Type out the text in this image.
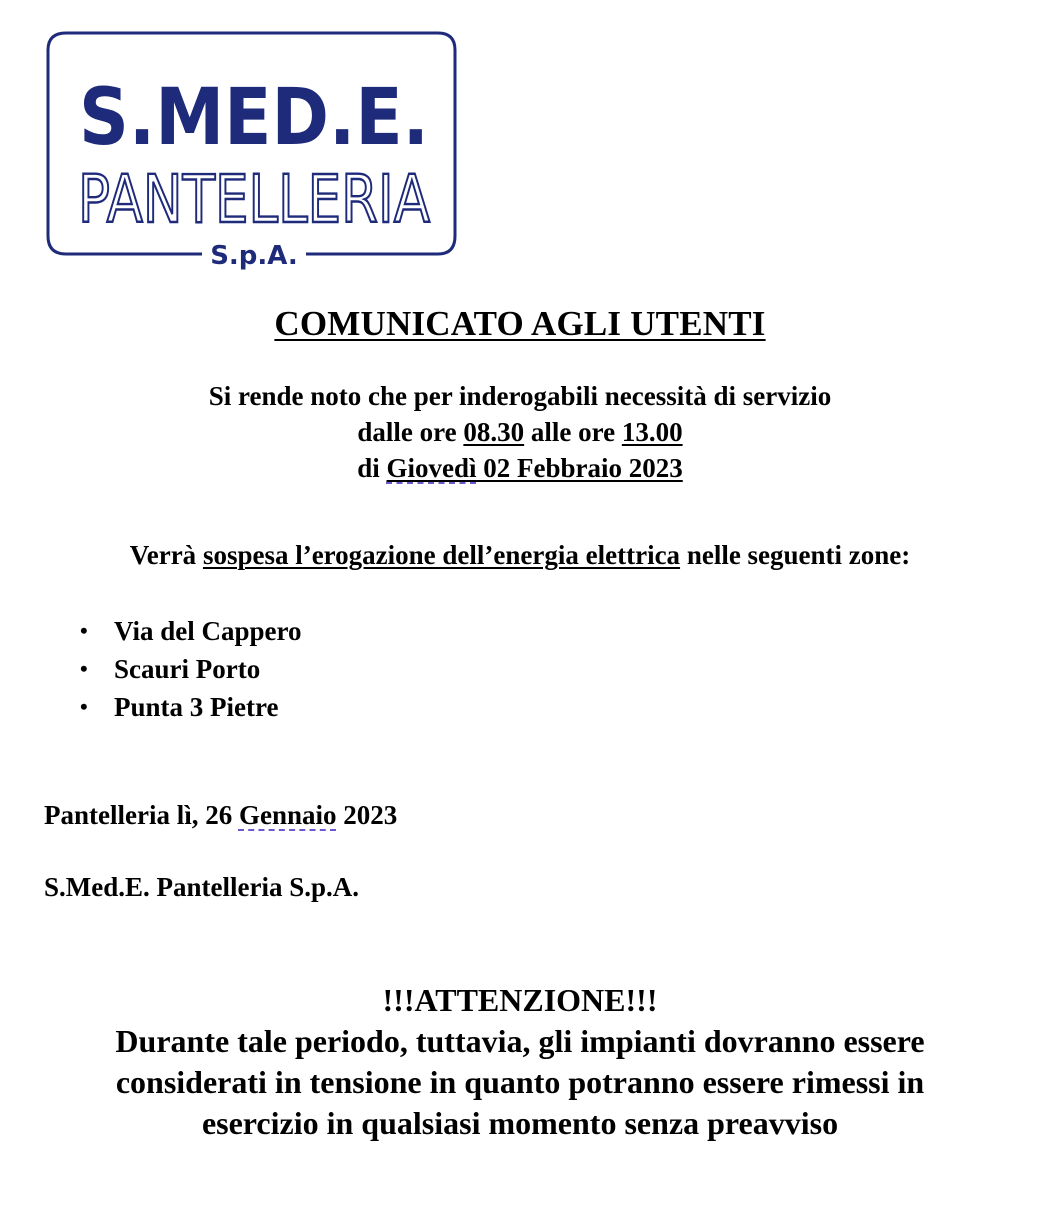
S.MED.E.
PANTELLERIA
S.p.A.
COMUNICATO AGLI UTENTI
Si rende noto che per inderogabili necessità di servizio
dalle ore 08.30 alle ore 13.00
di Giovedì 02 Febbraio 2023
Verrà sospesa l’erogazione dell’energia elettrica nelle seguenti zone:
• Via del Cappero
• Scauri Porto
• Punta 3 Pietre
Pantelleria lì, 26 Gennaio 2023
S.Med.E. Pantelleria S.p.A.
!!!ATTENZIONE!!!
Durante tale periodo, tuttavia, gli impianti dovranno essere
considerati in tensione in quanto potranno essere rimessi in
esercizio in qualsiasi momento senza preavviso
